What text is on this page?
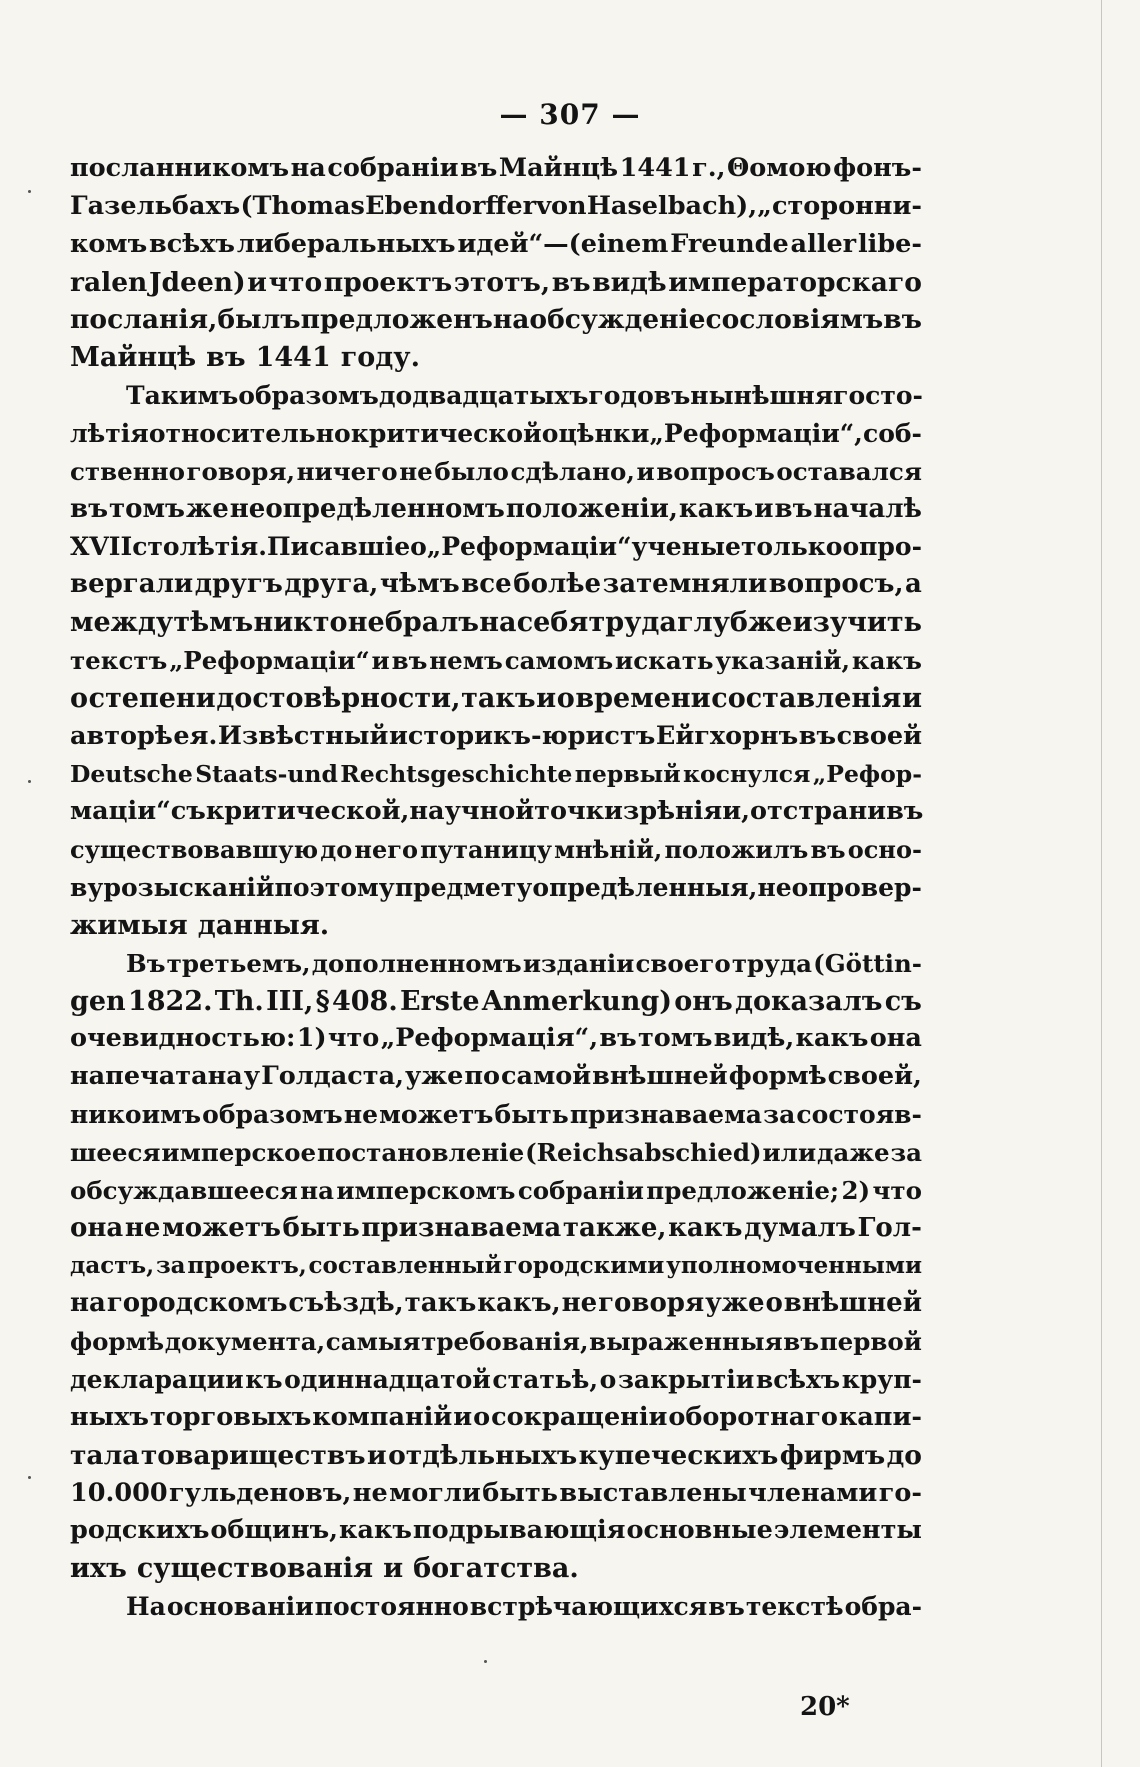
— 307 —
посланникомъ на собраніи въ Майнцѣ 1441 г., Θомою фонъ-
Газельбахъ (Thomas Ebendorffer von Haselbach), „сторонни-
комъ всѣхъ либеральныхъ идей“—(einem Freunde aller libe-
ralen Jdeen) и что проектъ этотъ, въ видѣ императорскаго
посланія, былъ предложенъ на обсужденіе сословіямъ въ
Майнцѣ въ 1441 году.
Такимъ образомъ до двадцатыхъ годовъ нынѣшняго сто-
лѣтія относительно критической оцѣнки „Реформаціи“, соб-
ственно говоря, ничего не было сдѣлано, и вопросъ оставался
въ томъ же неопредѣленномъ положеніи, какъ и въ началѣ
XVII столѣтія. Писавшіе о „Реформаціи“ ученые только опро-
вергали другъ друга, чѣмъ все болѣе затемняли вопросъ, а
между тѣмъ никто не бралъ на себя труда глубже изучить
текстъ „Реформаціи“ и въ немъ самомъ искать указаній, какъ
о степени достовѣрности, такъ и о времени составленія и
авторѣ ея. Извѣстный историкъ-юристъ Ейгхорнъ въ своей
Deutsche Staats-und Rechtsgeschichte первый коснулся „Рефор-
маціи“ съ критической, научной точки зрѣнія и, отстранивъ
существовавшую до него путаницу мнѣній, положилъ въ осно-
ву розысканій по этому предмету опредѣленныя, неопровер-
жимыя данныя.
Въ третьемъ, дополненномъ изданіи своего труда (Göttin-
gen 1822. Th. III, § 408. Erste Anmerkung) онъ доказалъ съ
очевидностью: 1) что „Реформація“, въ томъ видѣ, какъ она
напечатана у Голдаста, уже по самой внѣшней формѣ своей,
никоимъ образомъ не можетъ быть признаваема за состояв-
шееся имперское постановленіе (Reichsabschied) или даже за
обсуждавшееся на имперскомъ собраніи предложеніе; 2) что
она не можетъ быть признаваема также, какъ думалъ Гол-
дастъ, за проектъ, составленный городскими уполномоченными
на городскомъ съѣздѣ, такъ какъ, не говоря уже о внѣшней
формѣ документа, самыя требованія, выраженныя въ первой
декларации къ одиннадцатой статьѣ, о закрытіи всѣхъ круп-
ныхъ торговыхъ компаній и о сокращеніи оборотнаго капи-
тала товариществъ и отдѣльныхъ купеческихъ фирмъ до
10.000 гульденовъ, не могли быть выставлены членами го-
родскихъ общинъ, какъ подрывающія основные элементы
ихъ существованія и богатства.
На основаніи постоянно встрѣчающихся въ текстѣ обра-
20*
